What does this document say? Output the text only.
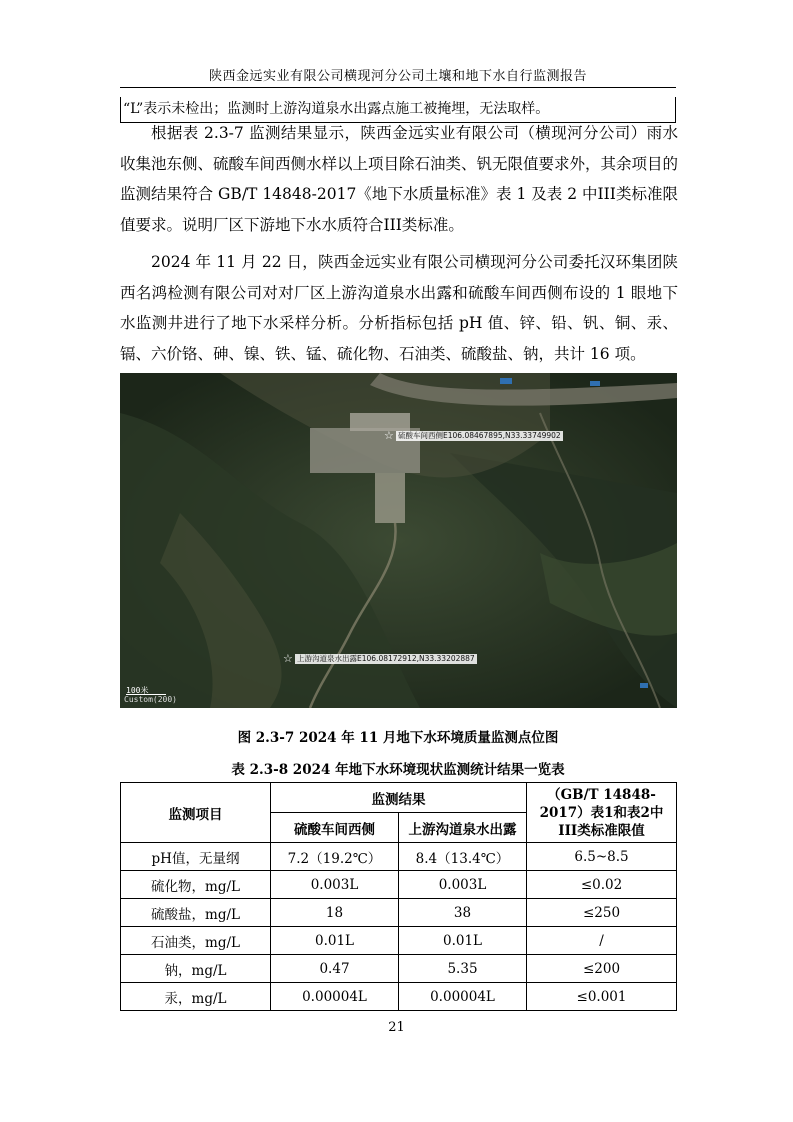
陕西金远实业有限公司横现河分公司土壤和地下水自行监测报告
“L”表示未检出；监测时上游沟道泉水出露点施工被掩埋，无法取样。

根据表 2.3-7 监测结果显示，陕西金远实业有限公司（横现河分公司）雨水收集池东侧、硫酸车间西侧水样以上项目除石油类、钒无限值要求外，其余项目的监测结果符合 GB/T 14848-2017《地下水质量标准》表 1 及表 2 中III类标准限值要求。说明厂区下游地下水水质符合III类标准。

2024 年 11 月 22 日，陕西金远实业有限公司横现河分公司委托汉环集团陕西名鸿检测有限公司对对厂区上游沟道泉水出露和硫酸车间西侧布设的 1 眼地下水监测井进行了地下水采样分析。分析指标包括 pH 值、锌、铅、钒、铜、汞、镉、六价铬、砷、镍、铁、锰、硫化物、石油类、硫酸盐、钠，共计 16 项。

☆ 硫酸车间西侧E106.08467895,N33.33749902
☆ 上游沟道泉水出露E106.08172912,N33.33202887
100米
Custom(200)
图 2.3-7 2024 年 11 月地下水环境质量监测点位图
表 2.3-8 2024 年地下水环境现状监测统计结果一览表
监测项目	监测结果		（GB/T 14848-2017）表1和表2中III类标准限值
	硫酸车间西侧	上游沟道泉水出露	
pH值，无量纲	7.2（19.2℃）	8.4（13.4℃）	6.5~8.5
硫化物，mg/L	0.003L	0.003L	≤0.02
硫酸盐，mg/L	18	38	≤250
石油类，mg/L	0.01L	0.01L	/
钠，mg/L	0.47	5.35	≤200
汞，mg/L	0.00004L	0.00004L	≤0.001
21
